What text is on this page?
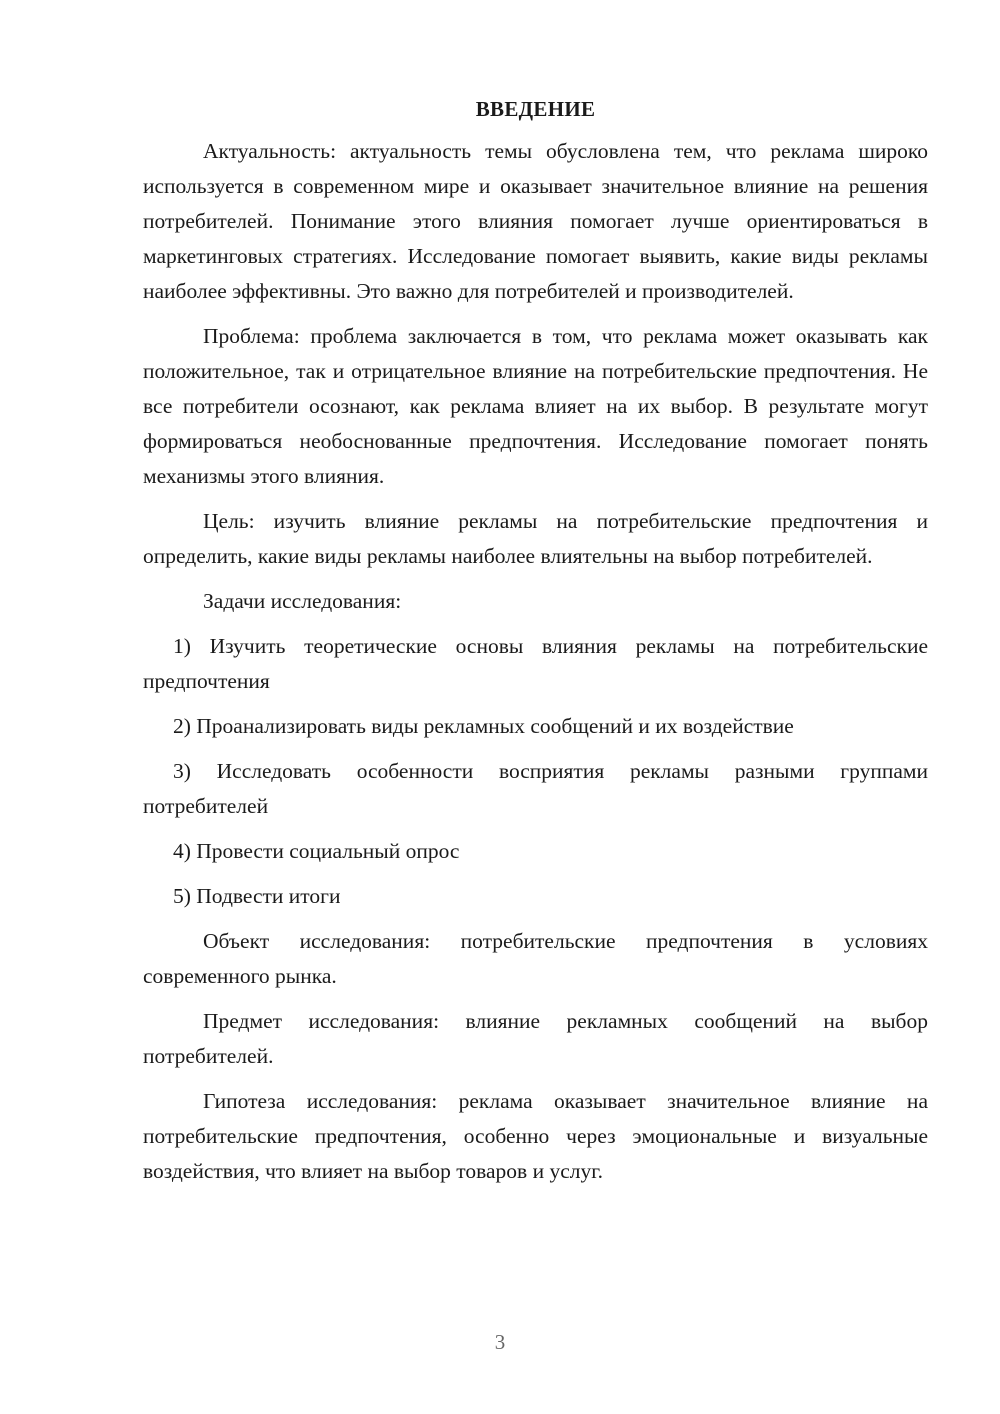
ВВЕДЕНИЕ

Актуальность: актуальность темы обусловлена тем, что реклама широко используется в современном мире и оказывает значительное влияние на решения потребителей. Понимание этого влияния помогает лучше ориентироваться в маркетинговых стратегиях. Исследование помогает выявить, какие виды рекламы наиболее эффективны. Это важно для потребителей и производителей.

Проблема: проблема заключается в том, что реклама может оказывать как положительное, так и отрицательное влияние на потребительские предпочтения. Не все потребители осознают, как реклама влияет на их выбор. В результате могут формироваться необоснованные предпочтения. Исследование помогает понять механизмы этого влияния.

Цель: изучить влияние рекламы на потребительские предпочтения и определить, какие виды рекламы наиболее влиятельны на выбор потребителей.

Задачи исследования:

1) Изучить теоретические основы влияния рекламы на потребительские предпочтения

2) Проанализировать виды рекламных сообщений и их воздействие

3) Исследовать особенности восприятия рекламы разными группами потребителей

4) Провести социальный опрос

5) Подвести итоги

Объект исследования: потребительские предпочтения в условиях современного рынка.

Предмет исследования: влияние рекламных сообщений на выбор потребителей.

Гипотеза исследования: реклама оказывает значительное влияние на потребительские предпочтения, особенно через эмоциональные и визуальные воздействия, что влияет на выбор товаров и услуг.

3
